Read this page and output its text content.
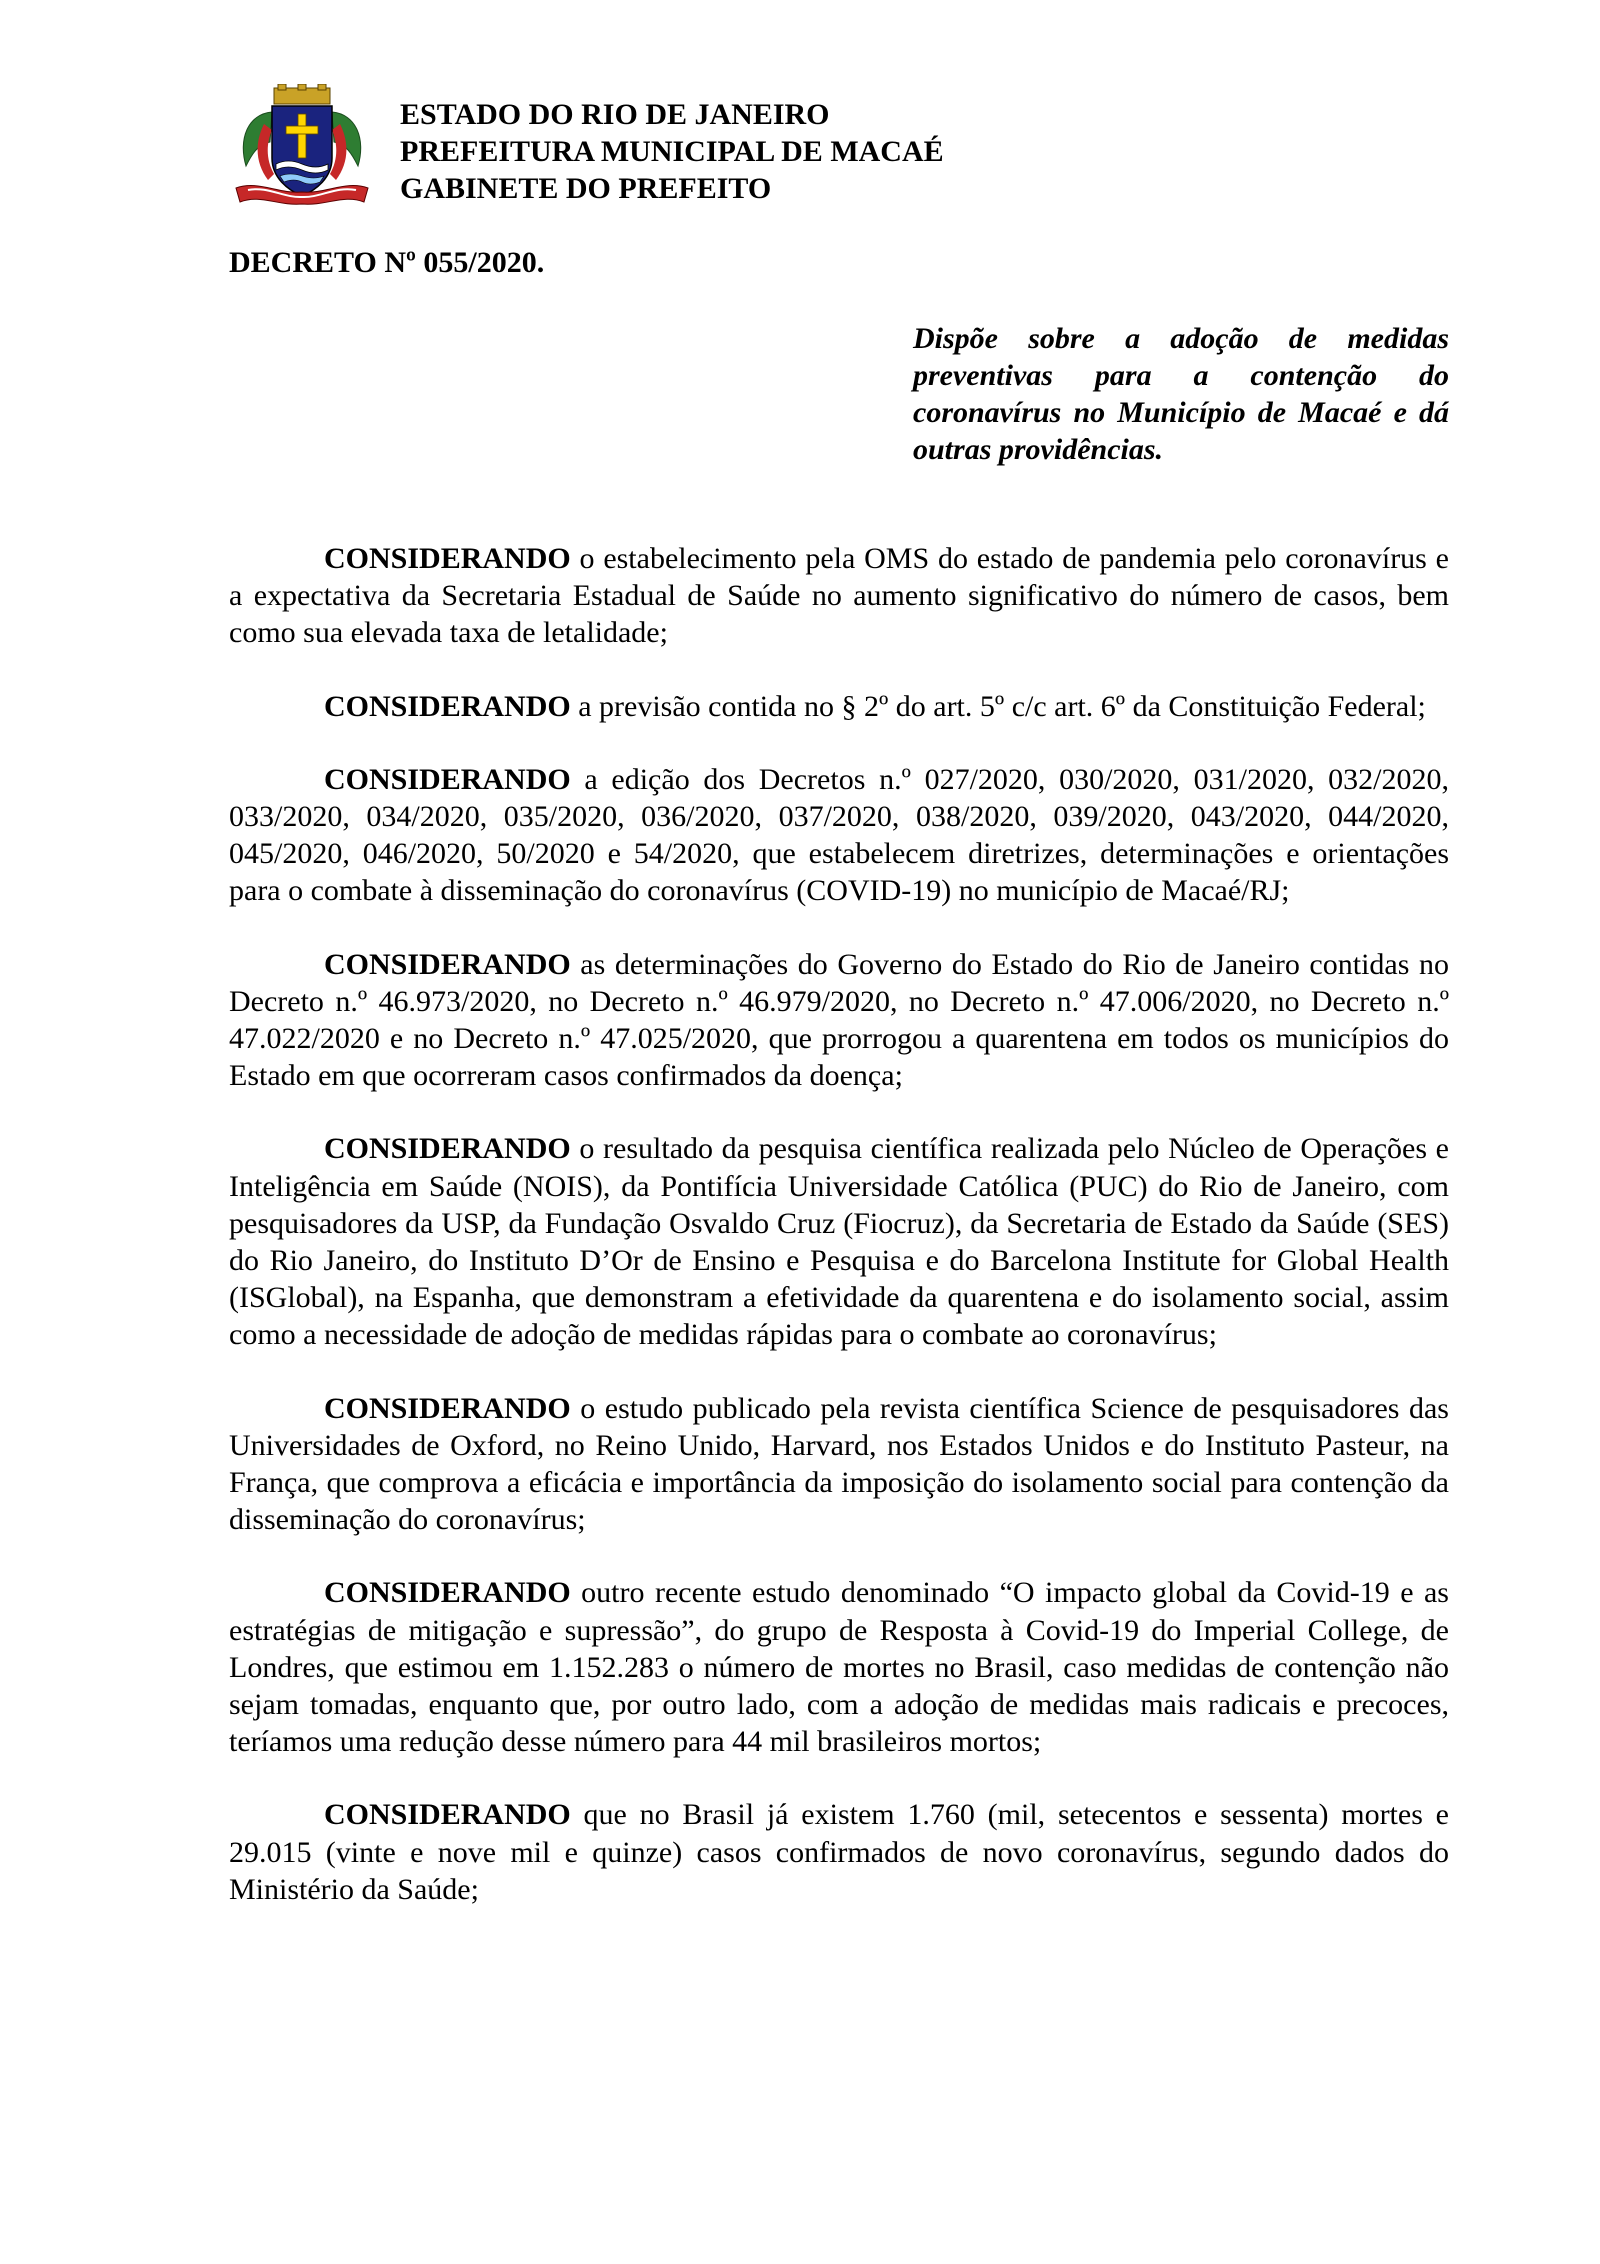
ESTADO DO RIO DE JANEIRO
PREFEITURA MUNICIPAL DE MACAÉ
GABINETE DO PREFEITO
DECRETO Nº 055/2020.
Dispõe sobre a adoção de medidas preventivas para a contenção do coronavírus no Município de Macaé e dá outras providências.

CONSIDERANDO o estabelecimento pela OMS do estado de pandemia pelo coronavírus e a expectativa da Secretaria Estadual de Saúde no aumento significativo do número de casos, bem como sua elevada taxa de letalidade;

CONSIDERANDO a previsão contida no § 2º do art. 5º c/c art. 6º da Constituição Federal;

CONSIDERANDO a edição dos Decretos n.º 027/2020, 030/2020, 031/2020, 032/2020, 033/2020, 034/2020, 035/2020, 036/2020, 037/2020, 038/2020, 039/2020, 043/2020, 044/2020, 045/2020, 046/2020, 50/2020 e 54/2020, que estabelecem diretrizes, determinações e orientações para o combate à disseminação do coronavírus (COVID-19) no município de Macaé/RJ;

CONSIDERANDO as determinações do Governo do Estado do Rio de Janeiro contidas no Decreto n.º 46.973/2020, no Decreto n.º 46.979/2020, no Decreto n.º 47.006/2020, no Decreto n.º 47.022/2020 e no Decreto n.º 47.025/2020, que prorrogou a quarentena em todos os municípios do Estado em que ocorreram casos confirmados da doença;

CONSIDERANDO o resultado da pesquisa científica realizada pelo Núcleo de Operações e Inteligência em Saúde (NOIS), da Pontifícia Universidade Católica (PUC) do Rio de Janeiro, com pesquisadores da USP, da Fundação Osvaldo Cruz (Fiocruz), da Secretaria de Estado da Saúde (SES) do Rio Janeiro, do Instituto D’Or de Ensino e Pesquisa e do Barcelona Institute for Global Health (ISGlobal), na Espanha, que demonstram a efetividade da quarentena e do isolamento social, assim como a necessidade de adoção de medidas rápidas para o combate ao coronavírus;

CONSIDERANDO o estudo publicado pela revista científica Science de pesquisadores das Universidades de Oxford, no Reino Unido, Harvard, nos Estados Unidos e do Instituto Pasteur, na França, que comprova a eficácia e importância da imposição do isolamento social para contenção da disseminação do coronavírus;

CONSIDERANDO outro recente estudo denominado “O impacto global da Covid-19 e as estratégias de mitigação e supressão”, do grupo de Resposta à Covid-19 do Imperial College, de Londres, que estimou em 1.152.283 o número de mortes no Brasil, caso medidas de contenção não sejam tomadas, enquanto que, por outro lado, com a adoção de medidas mais radicais e precoces, teríamos uma redução desse número para 44 mil brasileiros mortos;

CONSIDERANDO que no Brasil já existem 1.760 (mil, setecentos e sessenta) mortes e 29.015 (vinte e nove mil e quinze) casos confirmados de novo coronavírus, segundo dados do Ministério da Saúde;
